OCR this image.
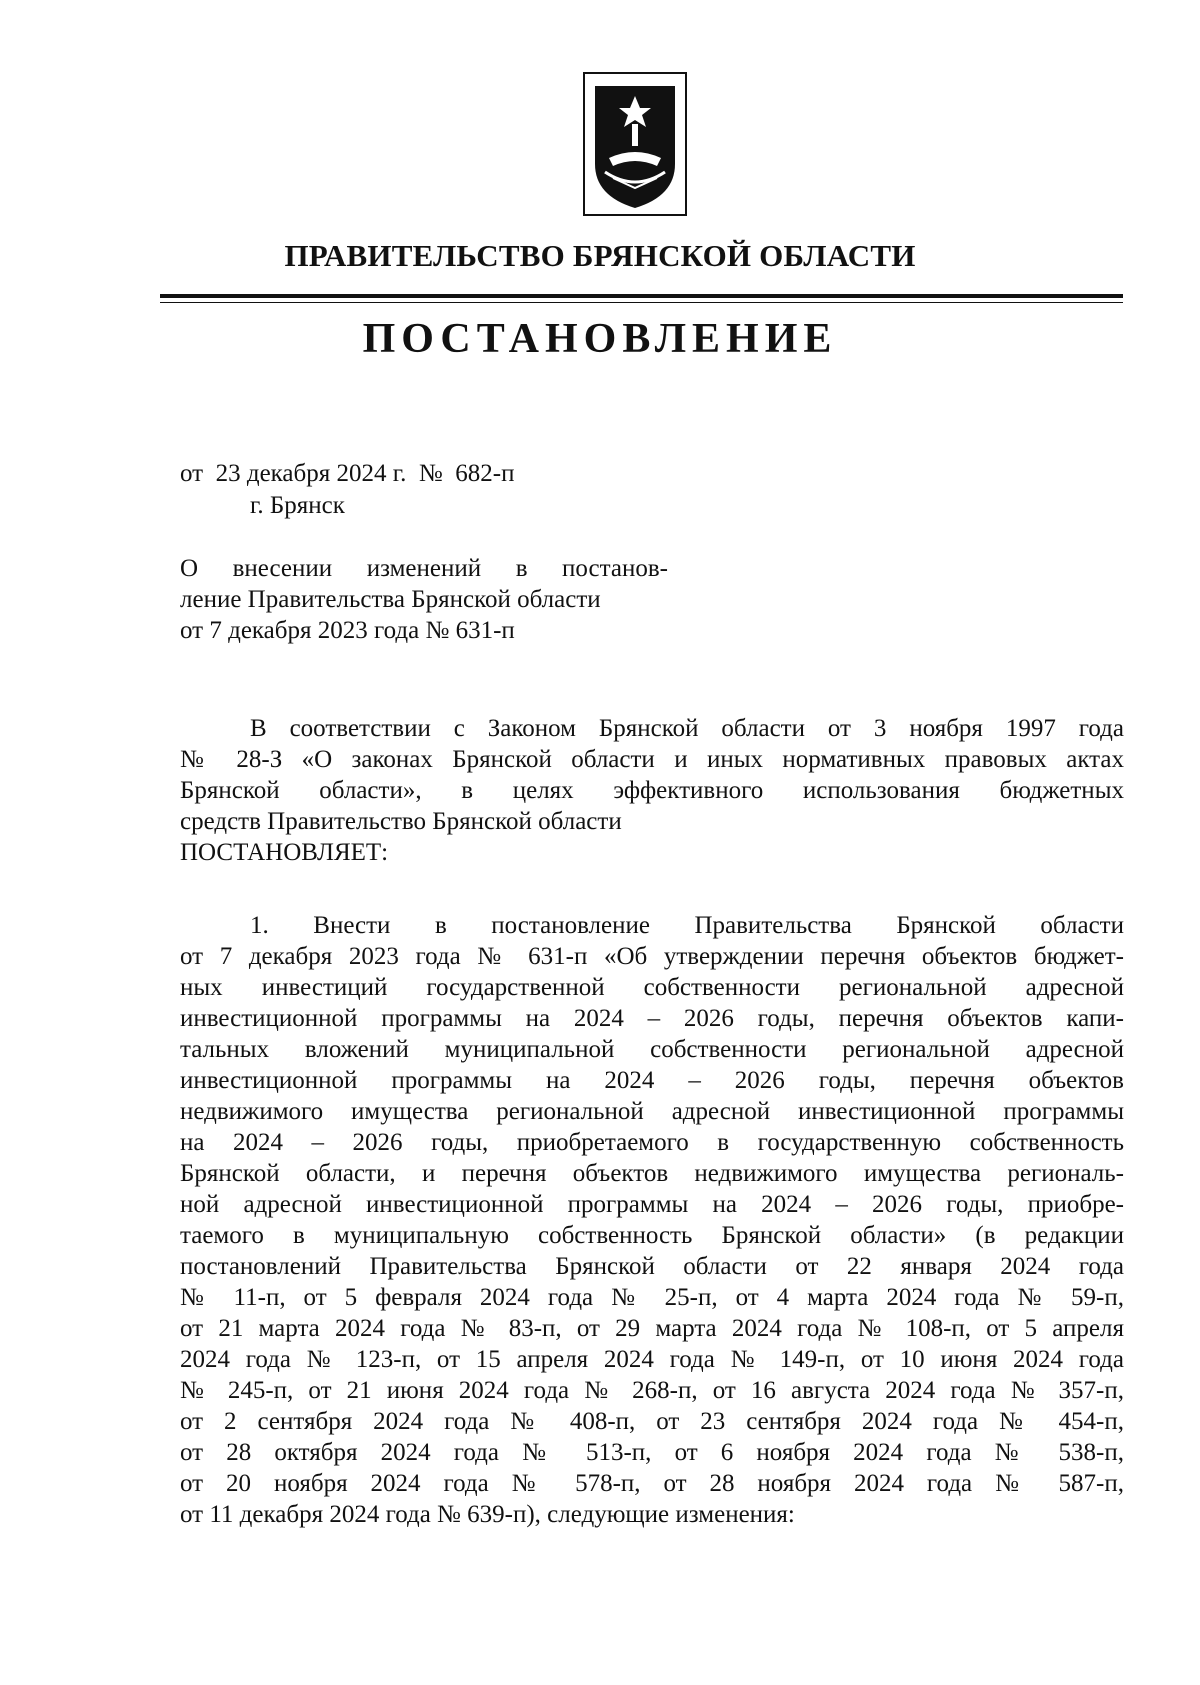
ПРАВИТЕЛЬСТВО БРЯНСКОЙ ОБЛАСТИ
ПОСТАНОВЛЕНИЕ
от  23 декабря 2024 г.  №  682-п
г. Брянск
О внесении изменений в постанов-
ление Правительства Брянской области
от 7 декабря 2023 года № 631-п
В соответствии с Законом Брянской области от 3 ноября 1997 года
№ 28-З «О законах Брянской области и иных нормативных правовых актах
Брянской области», в целях эффективного использования бюджетных
средств Правительство Брянской области
ПОСТАНОВЛЯЕТ:
1. Внести в постановление Правительства Брянской области
от 7 декабря 2023 года № 631-п «Об утверждении перечня объектов бюджет-
ных инвестиций государственной собственности региональной адресной
инвестиционной программы на 2024 – 2026 годы, перечня объектов капи-
тальных вложений муниципальной собственности региональной адресной
инвестиционной программы на 2024 – 2026 годы, перечня объектов
недвижимого имущества региональной адресной инвестиционной программы
на 2024 – 2026 годы, приобретаемого в государственную собственность
Брянской области, и перечня объектов недвижимого имущества региональ-
ной адресной инвестиционной программы на 2024 – 2026 годы, приобре-
таемого в муниципальную собственность Брянской области» (в редакции
постановлений Правительства Брянской области от 22 января 2024 года
№ 11-п, от 5 февраля 2024 года № 25-п, от 4 марта 2024 года № 59-п,
от 21 марта 2024 года № 83-п, от 29 марта 2024 года № 108-п, от 5 апреля
2024 года № 123-п, от 15 апреля 2024 года № 149-п, от 10 июня 2024 года
№ 245-п, от 21 июня 2024 года № 268-п, от 16 августа 2024 года № 357-п,
от 2 сентября 2024 года № 408-п, от 23 сентября 2024 года № 454-п,
от 28 октября 2024 года № 513-п, от 6 ноября 2024 года № 538-п,
от 20 ноября 2024 года № 578-п, от 28 ноября 2024 года № 587-п,
от 11 декабря 2024 года № 639-п), следующие изменения:
